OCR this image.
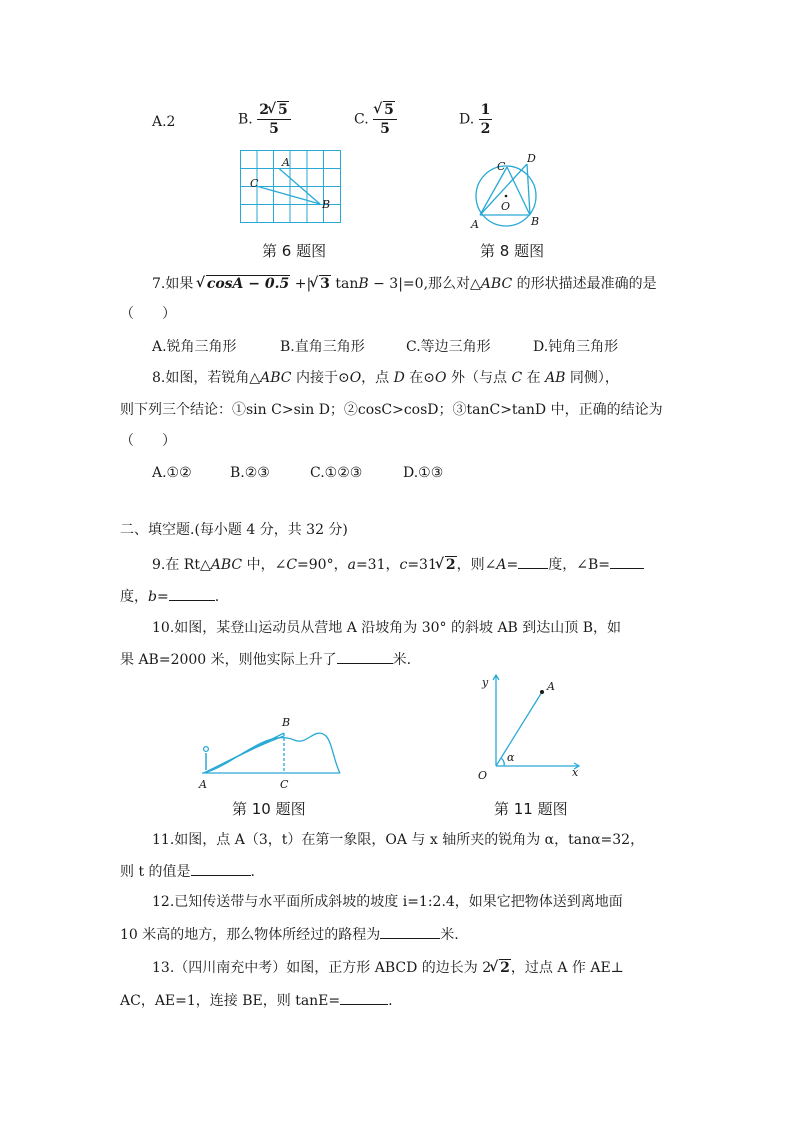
A.2	B. $\frac{2 √ 5}{5}$	C. √ $\frac{5}{5}$	D. $\frac{1}{2}$
A
C
B
第 6 题图
C
D
O
A	B
第 8 题图
7.如果 √ cosA − 0.5 +| √ 3 tanB − 3|=0,那么对△ABC 的形状描述最准确的是
（　　）
A.锐角三角形	B.直角三角形	C.等边三角形	D.钝角三角形
8.如图，若锐角△ABC 内接于⊙O，点 D 在⊙O 外（与点 C 在 AB 同侧），
则下列三个结论：①sin C>sin D；②cosC>cosD；③tanC>tanD 中，正确的结论为
（　　）
A.①②	B.②③	C.①②③	D.①③
二、填空题.(每小题 4 分，共 32 分)
9.在 Rt△ABC 中，∠C=90°，a=31，c=31 √ 2，则∠A= 度，∠B=
度，b=	.
10.如图，某登山运动员从营地 A 沿坡角为 30° 的斜坡 AB 到达山顶 B，如
果 AB=2000 米，则他实际上升了	米.
B
A	C
第 10 题图
y	A
α
O	x
第 11 题图
11.如图，点 A（3，t）在第一象限，OA 与 x 轴所夹的锐角为 α，tanα=32，
则 t 的值是	.
12.已知传送带与水平面所成斜坡的坡度 i=1:2.4，如果它把物体送到离地面
10 米高的地方，那么物体所经过的路程为	米.
13.（四川南充中考）如图，正方形 ABCD 的边长为 2 √ 2，过点 A 作 AE⊥
AC，AE=1，连接 BE，则 tanE=	.
